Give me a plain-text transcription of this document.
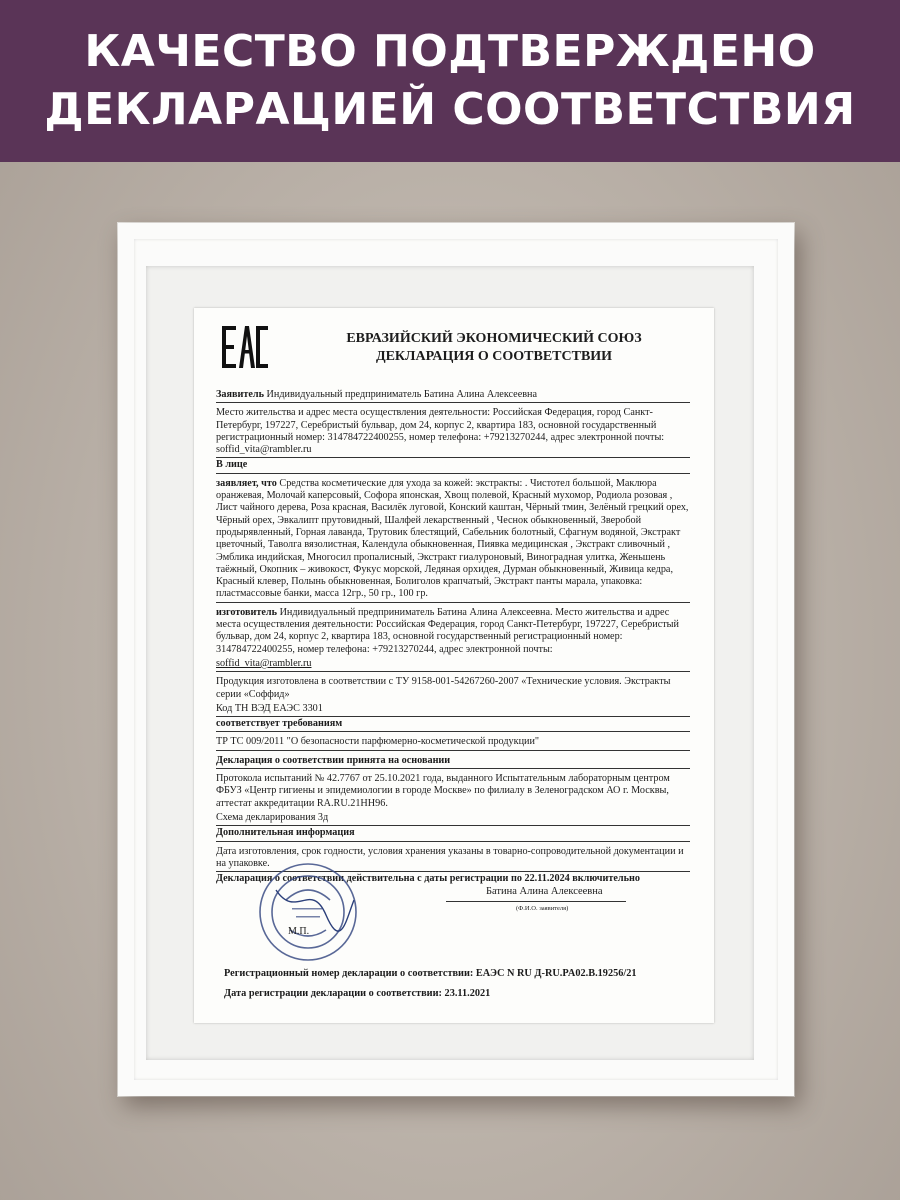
КАЧЕСТВО ПОДТВЕРЖДЕНО
ДЕКЛАРАЦИЕЙ СООТВЕТСТВИЯ
ЕВРАЗИЙСКИЙ ЭКОНОМИЧЕСКИЙ СОЮЗ
ДЕКЛАРАЦИЯ О СООТВЕТСТВИИ
Заявитель Индивидуальный предприниматель Батина Алина Алексеевна
Место жительства и адрес места осуществления деятельности: Российская Федерация, город Санкт-Петербург, 197227, Серебристый бульвар, дом 24, корпус 2, квартира 183, основной государственный регистрационный номер: 314784722400255, номер телефона: +79213270244, адрес электронной почты: soffid_vita@rambler.ru
В лице
заявляет, что Средства косметические для ухода за кожей: экстракты: . Чистотел большой, Маклюра оранжевая, Молочай каперсовый, Софора японская, Хвощ полевой, Красный мухомор, Родиола розовая , Лист чайного дерева, Роза красная, Василёк луговой, Конский каштан, Чёрный тмин, Зелёный грецкий орех, Чёрный орех, Эвкалипт прутовидный, Шалфей лекарственный , Чеснок обыкновенный, Зверобой продырявленный, Горная лаванда, Трутовик блестящий, Сабельник болотный, Сфагнум водяной, Экстракт цветочный, Таволга вязолистная, Календула обыкновенная, Пиявка медицинская , Экстракт сливочный , Эмблика индийская, Многосил пропалисный, Экстракт гиалуроновый, Виноградная улитка, Женьшень таёжный, Окопник – живокост, Фукус морской, Ледяная орхидея, Дурман обыкновенный, Живица кедра, Красный клевер, Полынь обыкновенная, Болиголов крапчатый, Экстракт панты марала, упаковка: пластмассовые банки, масса 12гр., 50 гр., 100 гр.
изготовитель Индивидуальный предприниматель Батина Алина Алексеевна. Место жительства и адрес места осуществления деятельности: Российская Федерация, город Санкт-Петербург, 197227, Серебристый бульвар, дом 24, корпус 2, квартира 183, основной государственный регистрационный номер: 314784722400255, номер телефона: +79213270244, адрес электронной почты:
soffid_vita@rambler.ru
Продукция изготовлена в соответствии с ТУ 9158-001-54267260-2007 «Технические условия. Экстракты серии «Соффид»
Код ТН ВЭД ЕАЭС 3301
соответствует требованиям
ТР ТС 009/2011 "О безопасности парфюмерно-косметической продукции"
Декларация о соответствии принята на основании
Протокола испытаний № 42.7767 от 25.10.2021 года, выданного Испытательным лабораторным центром ФБУЗ «Центр гигиены и эпидемиологии в городе Москве» по филиалу в Зеленоградском АО г. Москвы, аттестат аккредитации RA.RU.21НН96.
Схема декларирования 3д
Дополнительная информация
Дата изготовления, срок годности, условия хранения указаны в товарно-сопроводительной документации и на упаковке.
Декларация о соответствии действительна с даты регистрации по 22.11.2024 включительно
Батина Алина Алексеевна
(Ф.И.О. заявителя)
М.П.
Регистрационный номер декларации о соответствии: ЕАЭС N RU Д-RU.PA02.B.19256/21
Дата регистрации декларации о соответствии: 23.11.2021
